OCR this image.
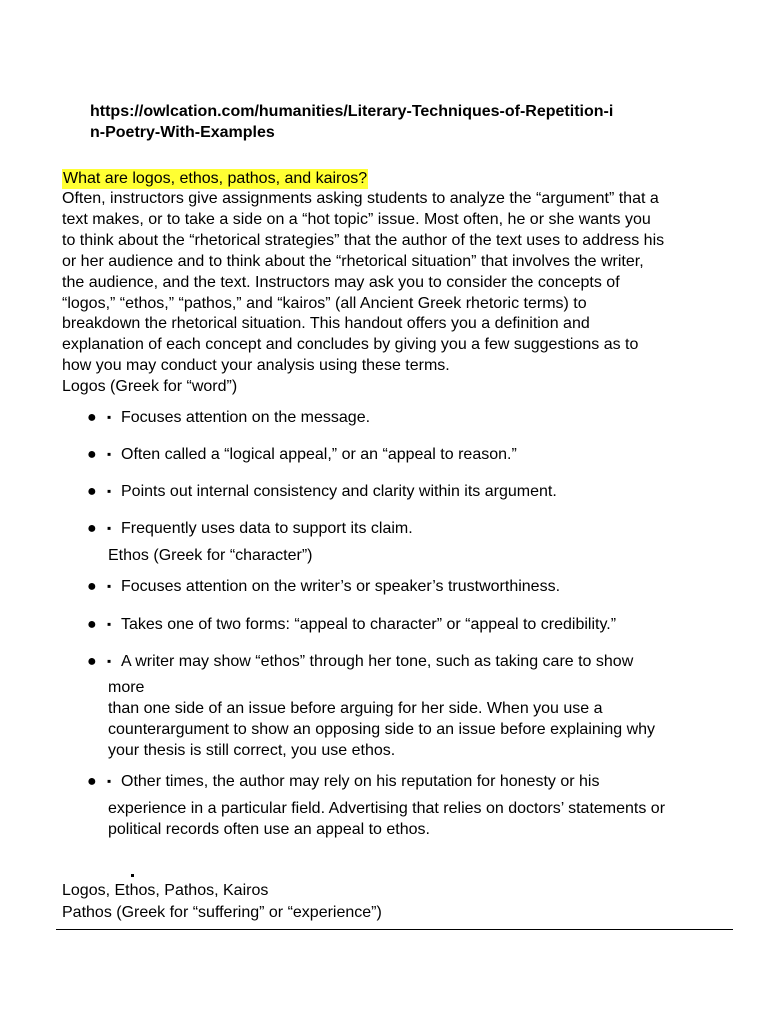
https://owlcation.com/humanities/Literary-Techniques-of-Repetition-i
n-Poetry-With-Examples
What are logos, ethos, pathos, and kairos?
Often, instructors give assignments asking students to analyze the “argument” that a
text makes, or to take a side on a “hot topic” issue. Most often, he or she wants you
to think about the “rhetorical strategies” that the author of the text uses to address his
or her audience and to think about the “rhetorical situation” that involves the writer,
the audience, and the text. Instructors may ask you to consider the concepts of
“logos,” “ethos,” “pathos,” and “kairos” (all Ancient Greek rhetoric terms) to
breakdown the rhetorical situation. This handout offers you a definition and
explanation of each concept and concludes by giving you a few suggestions as to
how you may conduct your analysis using these terms.
Logos (Greek for “word”)
● ▪ Focuses attention on the message.
● ▪ Often called a “logical appeal,” or an “appeal to reason.”
● ▪ Points out internal consistency and clarity within its argument.
● ▪ Frequently uses data to support its claim.
Ethos (Greek for “character”)
● ▪ Focuses attention on the writer’s or speaker’s trustworthiness.
● ▪ Takes one of two forms: “appeal to character” or “appeal to credibility.”
● ▪ A writer may show “ethos” through her tone, such as taking care to show
more
than one side of an issue before arguing for her side. When you use a
counterargument to show an opposing side to an issue before explaining why
your thesis is still correct, you use ethos.
● ▪ Other times, the author may rely on his reputation for honesty or his
experience in a particular field. Advertising that relies on doctors’ statements or
political records often use an appeal to ethos.
Logos, Ethos, Pathos, Kairos
Pathos (Greek for “suffering” or “experience”)
